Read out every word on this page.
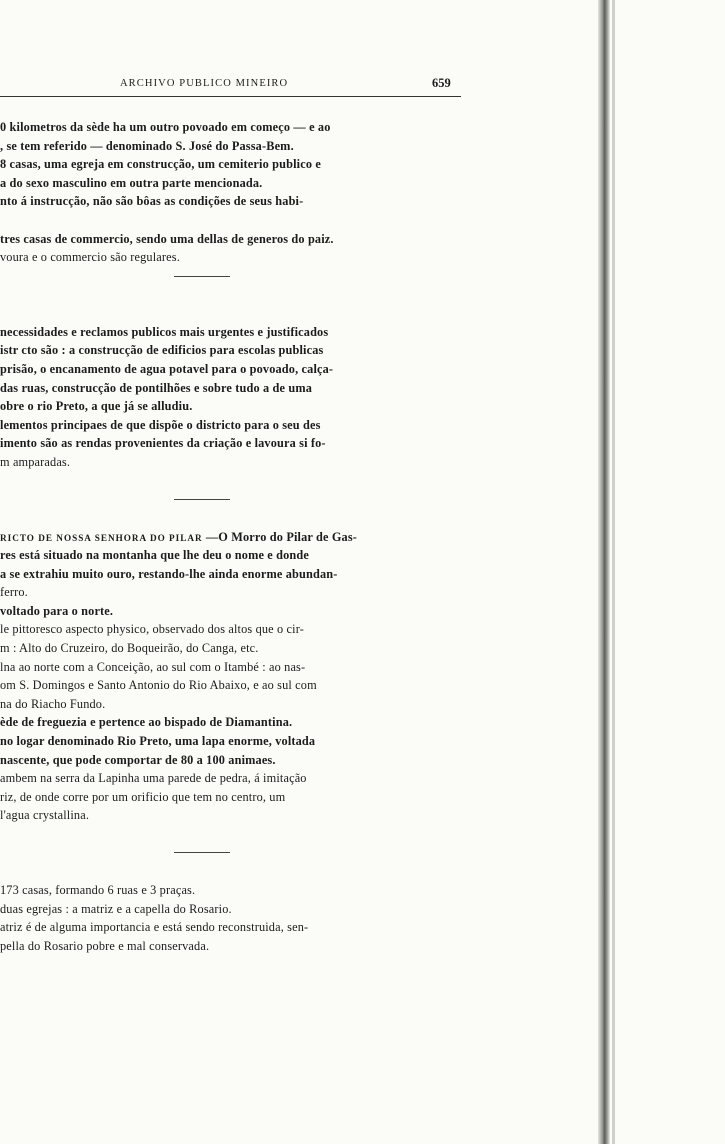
ARCHIVO PUBLICO MINEIRO	659
0 kilometros da sède ha um outro povoado em começo — e ao
, se tem referido — denominado S. José do Passa-Bem.
8 casas, uma egreja em construcção, um cemiterio publico e
a do sexo masculino em outra parte mencionada.
nto á instrucção, não são bôas as condições de seus habi-
tres casas de commercio, sendo uma dellas de generos do paiz.
vour​a e o commercio são regulares.
necessidades e reclamos publicos mais urgentes e justificados
istr cto são : a construcção de edificios para escolas publicas
prisão, o encanamento de agua potavel para o povoado, calça-
das ruas, construcção de pontilhões e sobre tudo a de uma
obre o rio Preto, a que já se alludiu.
lementos principaes de que dispõe o districto para o seu des
imento são as rendas provenientes da criação e lavoura si fo-
m amparadas.
RICTO DE NOSSA SENHORA DO PILAR —O Morro do Pilar de Gas-
res está situado na montanha que lhe deu o nome e donde
a se extrahiu muito ouro, restando-lhe ainda enorme abundan-
ferro.
voltado para o norte.
le pittoresco aspecto physico, observado dos altos que o cir-
m : Alto do Cruzeiro, do Boqueirão, do Canga, etc.
lna ao norte com a Conceição, ao sul com o Itambé : ao nas-
om S. Domingos e Santo Antonio do Rio Abaixo, e ao sul com
na do Riacho Fundo.
ède de freguezia e pertence ao bispado de Diamantina.
no logar denominado Rio Preto, uma lapa enorme, voltada
nascente, que pode comportar de 80 a 100 animaes.
ambem na serra da Lapinha uma parede de pedra, á imitação
riz, de onde corre por um orificio que tem no centro, um
l'agua crystallina.
173 casas, formando 6 ruas e 3 praças.
duas egrejas : a matriz e a capella do Rosario.
atriz é de alguma importancia e está sendo reconstruida, sen-
pella do Rosario pobre e mal conservada.
